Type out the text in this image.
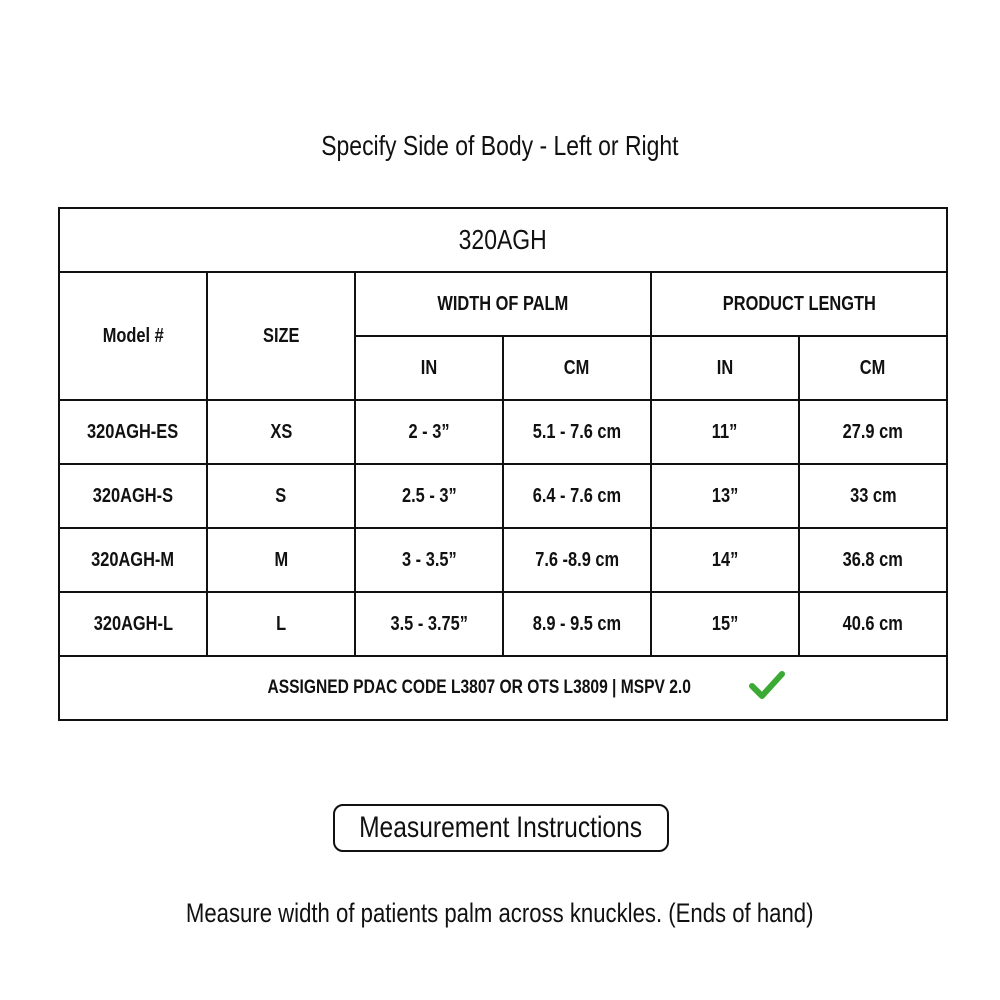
Specify Side of Body - Left or Right
320AGH					
Model #	SIZE	WIDTH OF PALM		PRODUCT LENGTH	
		IN	CM	IN	CM
320AGH-ES	XS	2 - 3”	5.1 - 7.6 cm	11”	27.9 cm
320AGH-S	S	2.5 - 3”	6.4 - 7.6 cm	13”	33 cm
320AGH-M	M	3 - 3.5”	7.6 -8.9 cm	14”	36.8 cm
320AGH-L	L	3.5 - 3.75”	8.9 - 9.5 cm	15”	40.6 cm
ASSIGNED PDAC CODE L3807 OR OTS L3809 | MSPV 2.0					
Measurement Instructions
Measure width of patients palm across knuckles. (Ends of hand)
